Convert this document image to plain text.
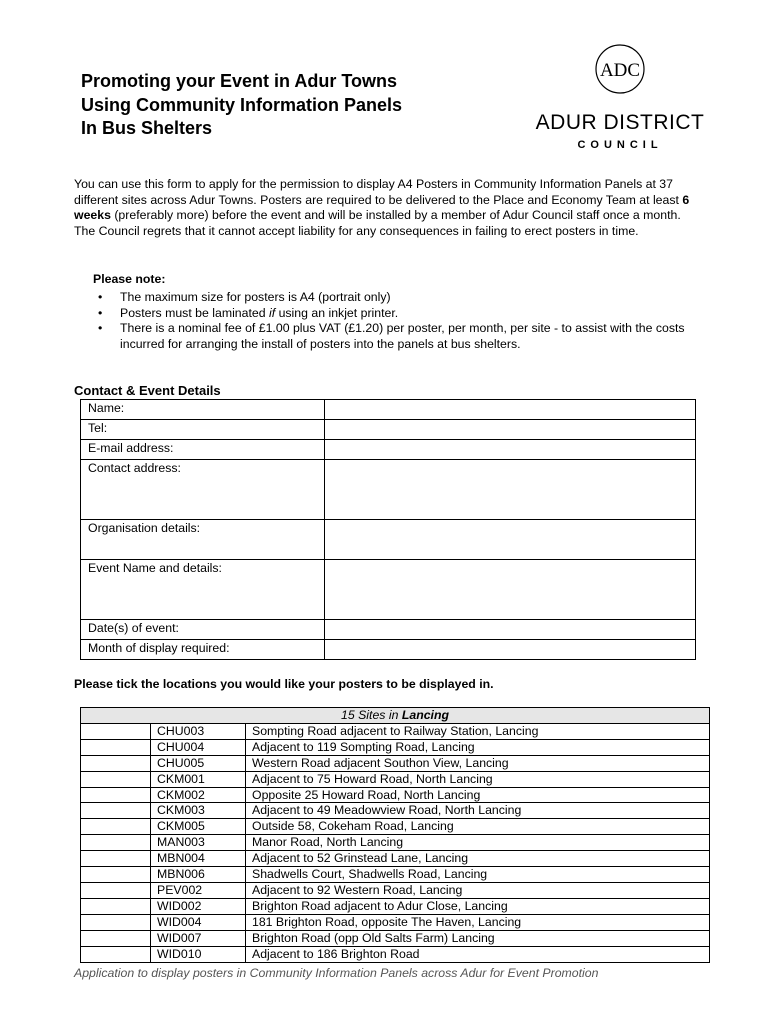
Promoting your Event in Adur Towns
Using Community Information Panels
In Bus Shelters
ADC
ADUR DISTRICT
COUNCIL
You can use this form to apply for the permission to display A4 Posters in Community Information Panels at 37 different sites across Adur Towns. Posters are required to be delivered to the Place and Economy Team at least 6 weeks (preferably more) before the event and will be installed by a member of Adur Council staff once a month. The Council regrets that it cannot accept liability for any consequences in failing to erect posters in time.
Please note:
• The maximum size for posters is A4 (portrait only)
• Posters must be laminated if using an inkjet printer.
• There is a nominal fee of £1.00 plus VAT (£1.20) per poster, per month, per site - to assist with the costs incurred for arranging the install of posters into the panels at bus shelters.
Contact & Event Details
Name:	
Tel:	
E-mail address:	
Contact address:	
Organisation details:	
Event Name and details:	
Date(s) of event:	
Month of display required:	
Please tick the locations you would like your posters to be displayed in.
15 Sites in Lancing		
	CHU003	Sompting Road adjacent to Railway Station, Lancing
	CHU004	Adjacent to 119 Sompting Road, Lancing
	CHU005	Western Road adjacent Southon View, Lancing
	CKM001	Adjacent to 75 Howard Road, North Lancing
	CKM002	Opposite 25 Howard Road, North Lancing
	CKM003	Adjacent to 49 Meadowview Road, North Lancing
	CKM005	Outside 58, Cokeham Road, Lancing
	MAN003	Manor Road, North Lancing
	MBN004	Adjacent to 52 Grinstead Lane, Lancing
	MBN006	Shadwells Court, Shadwells Road, Lancing
	PEV002	Adjacent to 92 Western Road, Lancing
	WID002	Brighton Road adjacent to Adur Close, Lancing
	WID004	181 Brighton Road, opposite The Haven, Lancing
	WID007	Brighton Road (opp Old Salts Farm) Lancing
	WID010	Adjacent to 186 Brighton Road
Application to display posters in Community Information Panels across Adur for Event Promotion
